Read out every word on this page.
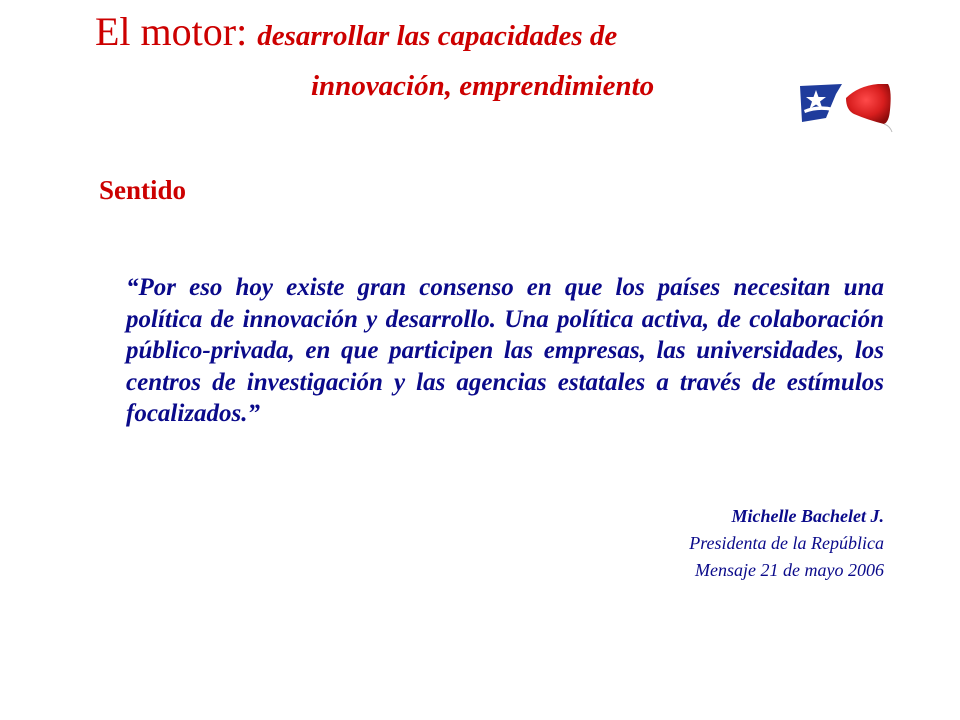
El motor: desarrollar las capacidades de
innovación, emprendimiento
Sentido

“Por eso hoy existe gran consenso en que los países necesitan una política de innovación y desarrollo. Una política activa, de colaboración público-privada, en que participen las empresas, las universidades, los centros de investigación y las agencias estatales a través de estímulos focalizados.”

Michelle Bachelet J.
Presidenta de la República
Mensaje 21 de mayo 2006
